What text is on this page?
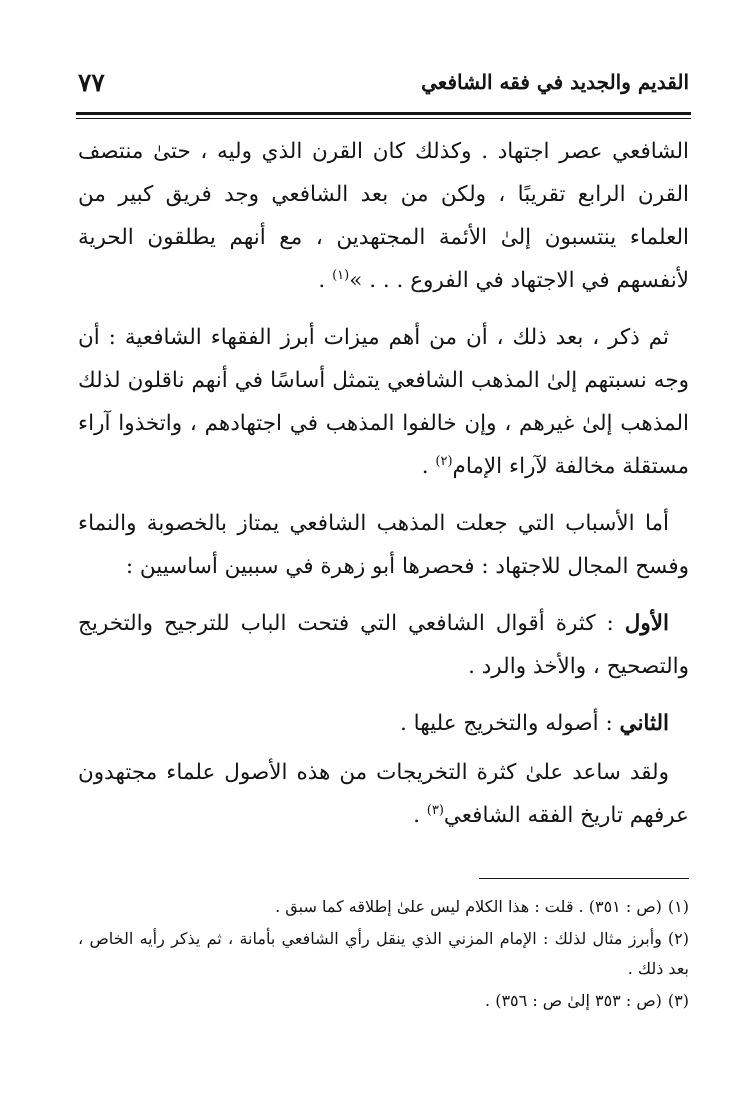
القديم والجديد في فقه الشافعي
٧٧

الشافعي عصر اجتهاد . وكذلك كان القرن الذي وليه ، حتىٰ منتصف القرن الرابع تقريبًا ، ولكن من بعد الشافعي وجد فريق كبير من العلماء ينتسبون إلىٰ الأئمة المجتهدين ، مع أنهم يطلقون الحرية لأنفسهم في الاجتهاد في الفروع . . . »$^{(١)}$ .

ثم ذكر ، بعد ذلك ، أن من أهم ميزات أبرز الفقهاء الشافعية : أن وجه نسبتهم إلىٰ المذهب الشافعي يتمثل أساسًا في أنهم ناقلون لذلك المذهب إلىٰ غيرهم ، وإن خالفوا المذهب في اجتهادهم ، واتخذوا آراء مستقلة مخالفة لآراء الإمام$^{(٢)}$ .

أما الأسباب التي جعلت المذهب الشافعي يمتاز بالخصوبة والنماء وفسح المجال للاجتهاد : فحصرها أبو زهرة في سببين أساسيين :

الأول : كثرة أقوال الشافعي التي فتحت الباب للترجيح والتخريج والتصحيح ، والأخذ والرد .

الثاني : أصوله والتخريج عليها .

ولقد ساعد علىٰ كثرة التخريجات من هذه الأصول علماء مجتهدون عرفهم تاريخ الفقه الشافعي$^{(٣)}$ .

(١)(ص : ٣٥١) . قلت : هذا الكلام ليس علىٰ إطلاقه كما سبق .

(٢)وأبرز مثال لذلك : الإمام المزني الذي ينقل رأي الشافعي بأمانة ، ثم يذكر رأيه الخاص ، بعد ذلك .

(٣)(ص : ٣٥٣ إلىٰ ص : ٣٥٦) .
